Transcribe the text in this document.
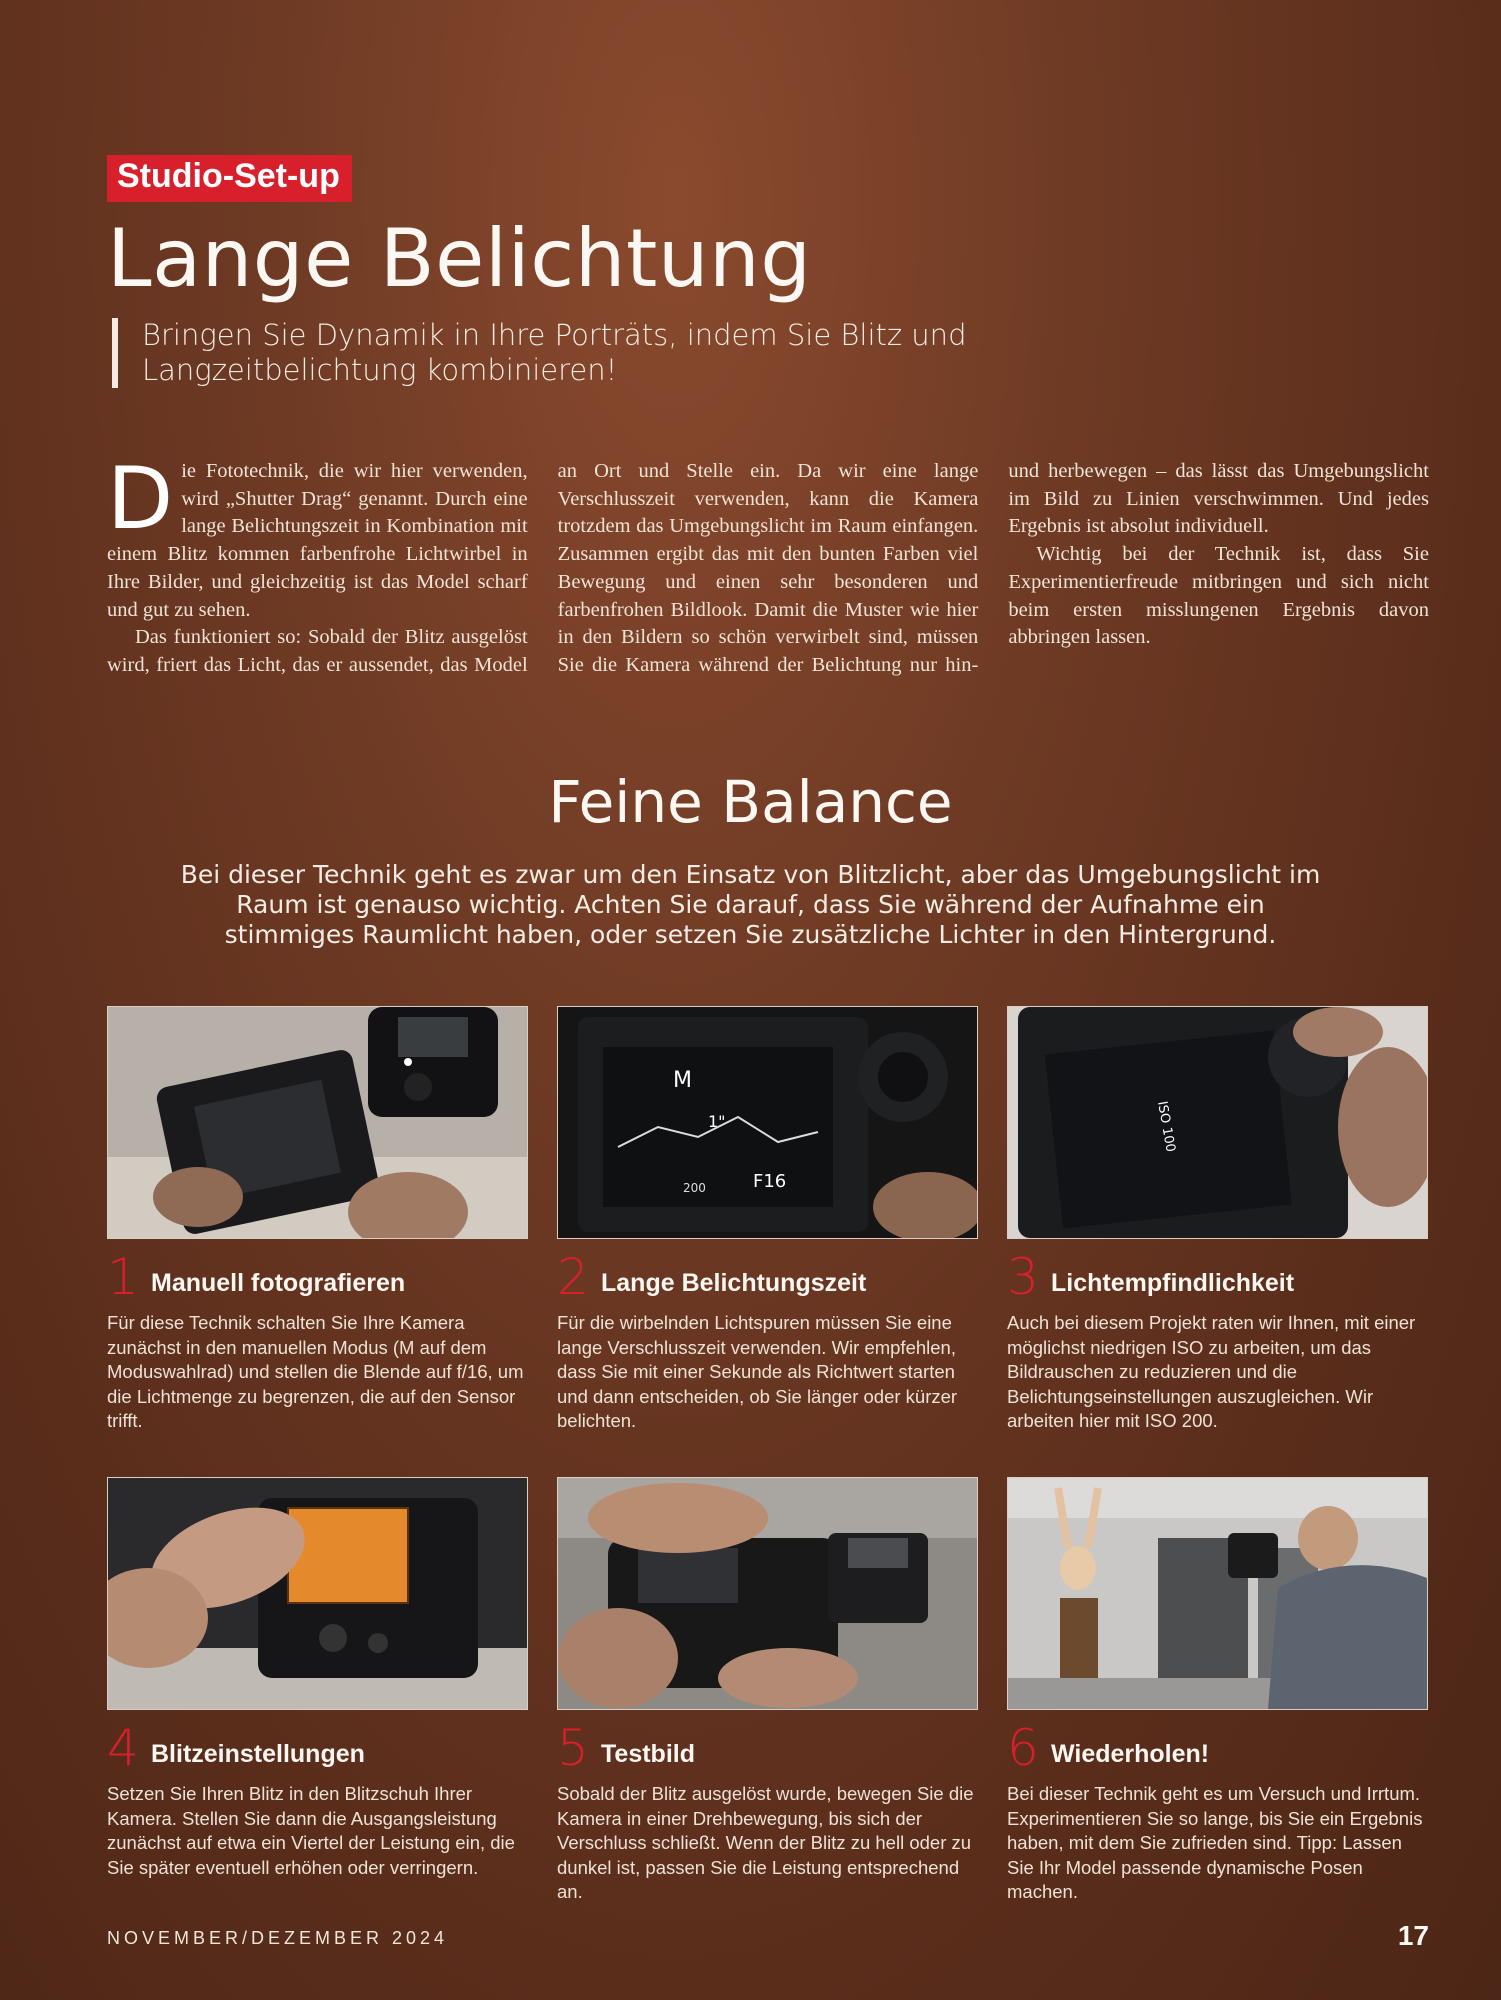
Studio-Set-up
Lange Belichtung
Bringen Sie Dynamik in Ihre Porträts, indem Sie Blitz und Langzeitbelichtung kombinieren!

Die Fototechnik, die wir hier verwenden, wird „Shutter Drag“ genannt. Durch eine lange Belichtungszeit in Kombination mit einem Blitz kommen farbenfrohe Lichtwirbel in Ihre Bilder, und gleichzeitig ist das Model scharf und gut zu sehen.

Das funktioniert so: Sobald der Blitz ausgelöst wird, friert das Licht, das er aussendet, das Model an Ort und Stelle ein. Da wir eine lange Verschlusszeit verwenden, kann die Kamera trotzdem das Umgebungslicht im Raum einfangen. Zusammen ergibt das mit den bunten Farben viel Bewegung und einen sehr besonderen und farbenfrohen Bildlook. Damit die Muster wie hier in den Bildern so schön verwirbelt sind, müssen Sie die Kamera während der Belichtung nur hin- und herbewegen – das lässt das Umgebungslicht im Bild zu Linien verschwimmen. Und jedes Ergebnis ist absolut individuell.

Wichtig bei der Technik ist, dass Sie Experimentierfreude mitbringen und sich nicht beim ersten misslungenen Ergebnis davon abbringen lassen.

Feine Balance
Bei dieser Technik geht es zwar um den Einsatz von Blitzlicht, aber das Umgebungslicht im Raum ist genauso wichtig. Achten Sie darauf, dass Sie während der Aufnahme ein stimmiges Raumlicht haben, oder setzen Sie zusätzliche Lichter in den Hintergrund.
1 Manuell fotografieren
Für diese Technik schalten Sie Ihre Kamera zunächst in den manuellen Modus (M auf dem Moduswahlrad) und stellen die Blende auf f/16, um die Lichtmenge zu begrenzen, die auf den Sensor trifft.
M
1"
F16
200
2 Lange Belichtungszeit
Für die wirbelnden Lichtspuren müssen Sie eine lange Verschlusszeit verwenden. Wir empfehlen, dass Sie mit einer Sekunde als Richtwert starten und dann entscheiden, ob Sie länger oder kürzer belichten.
ISO 100
3 Lichtempfindlichkeit
Auch bei diesem Projekt raten wir Ihnen, mit einer möglichst niedrigen ISO zu arbeiten, um das Bildrauschen zu reduzieren und die Belichtungseinstellungen auszugleichen. Wir arbeiten hier mit ISO 200.
4 Blitzeinstellungen
Setzen Sie Ihren Blitz in den Blitzschuh Ihrer Kamera. Stellen Sie dann die Ausgangsleistung zunächst auf etwa ein Viertel der Leistung ein, die Sie später eventuell erhöhen oder verringern.
5 Testbild
Sobald der Blitz ausgelöst wurde, bewegen Sie die Kamera in einer Drehbewegung, bis sich der Verschluss schließt. Wenn der Blitz zu hell oder zu dunkel ist, passen Sie die Leistung entsprechend an.
6 Wiederholen!
Bei dieser Technik geht es um Versuch und Irrtum. Experimentieren Sie so lange, bis Sie ein Ergebnis haben, mit dem Sie zufrieden sind. Tipp: Lassen Sie Ihr Model passende dynamische Posen machen.
NOVEMBER/DEZEMBER 2024	17
